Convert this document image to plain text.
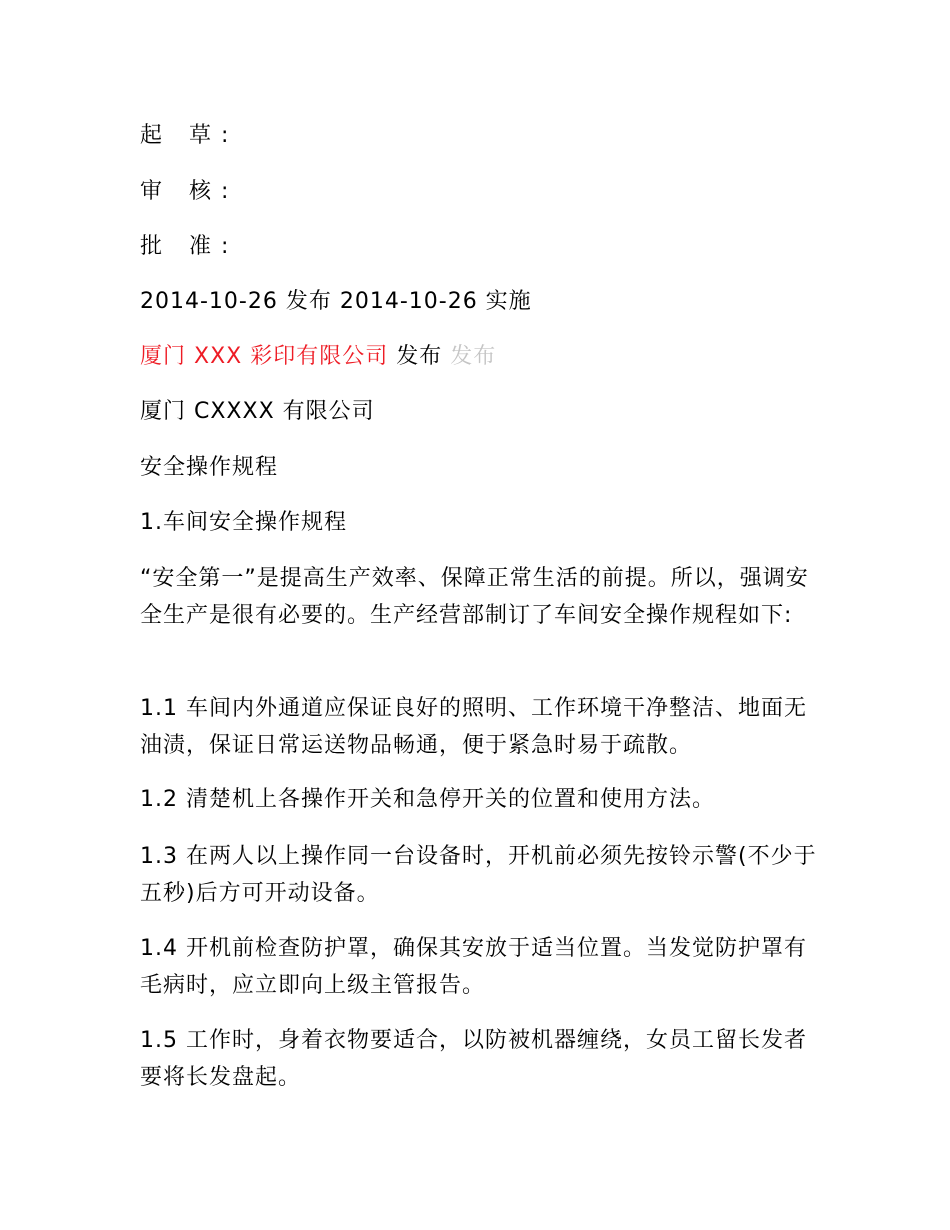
起 草:
审 核:
批 准:
2014-10-26 发布 2014-10-26 实施
厦门 XXX 彩印有限公司 发布 发布
厦门 CXXXX 有限公司
安全操作规程
1.车间安全操作规程
“安全第一”是提高生产效率、保障正常生活的前提。所以，强调安全生产是很有必要的。生产经营部制订了车间安全操作规程如下:
1.1 车间内外通道应保证良好的照明、工作环境干净整洁、地面无油渍，保证日常运送物品畅通，便于紧急时易于疏散。
1.2 清楚机上各操作开关和急停开关的位置和使用方法。
1.3 在两人以上操作同一台设备时，开机前必须先按铃示警(不少于五秒)后方可开动设备。
1.4 开机前检查防护罩，确保其安放于适当位置。当发觉防护罩有毛病时，应立即向上级主管报告。
1.5 工作时，身着衣物要适合，以防被机器缠绕，女员工留长发者要将长发盘起。
